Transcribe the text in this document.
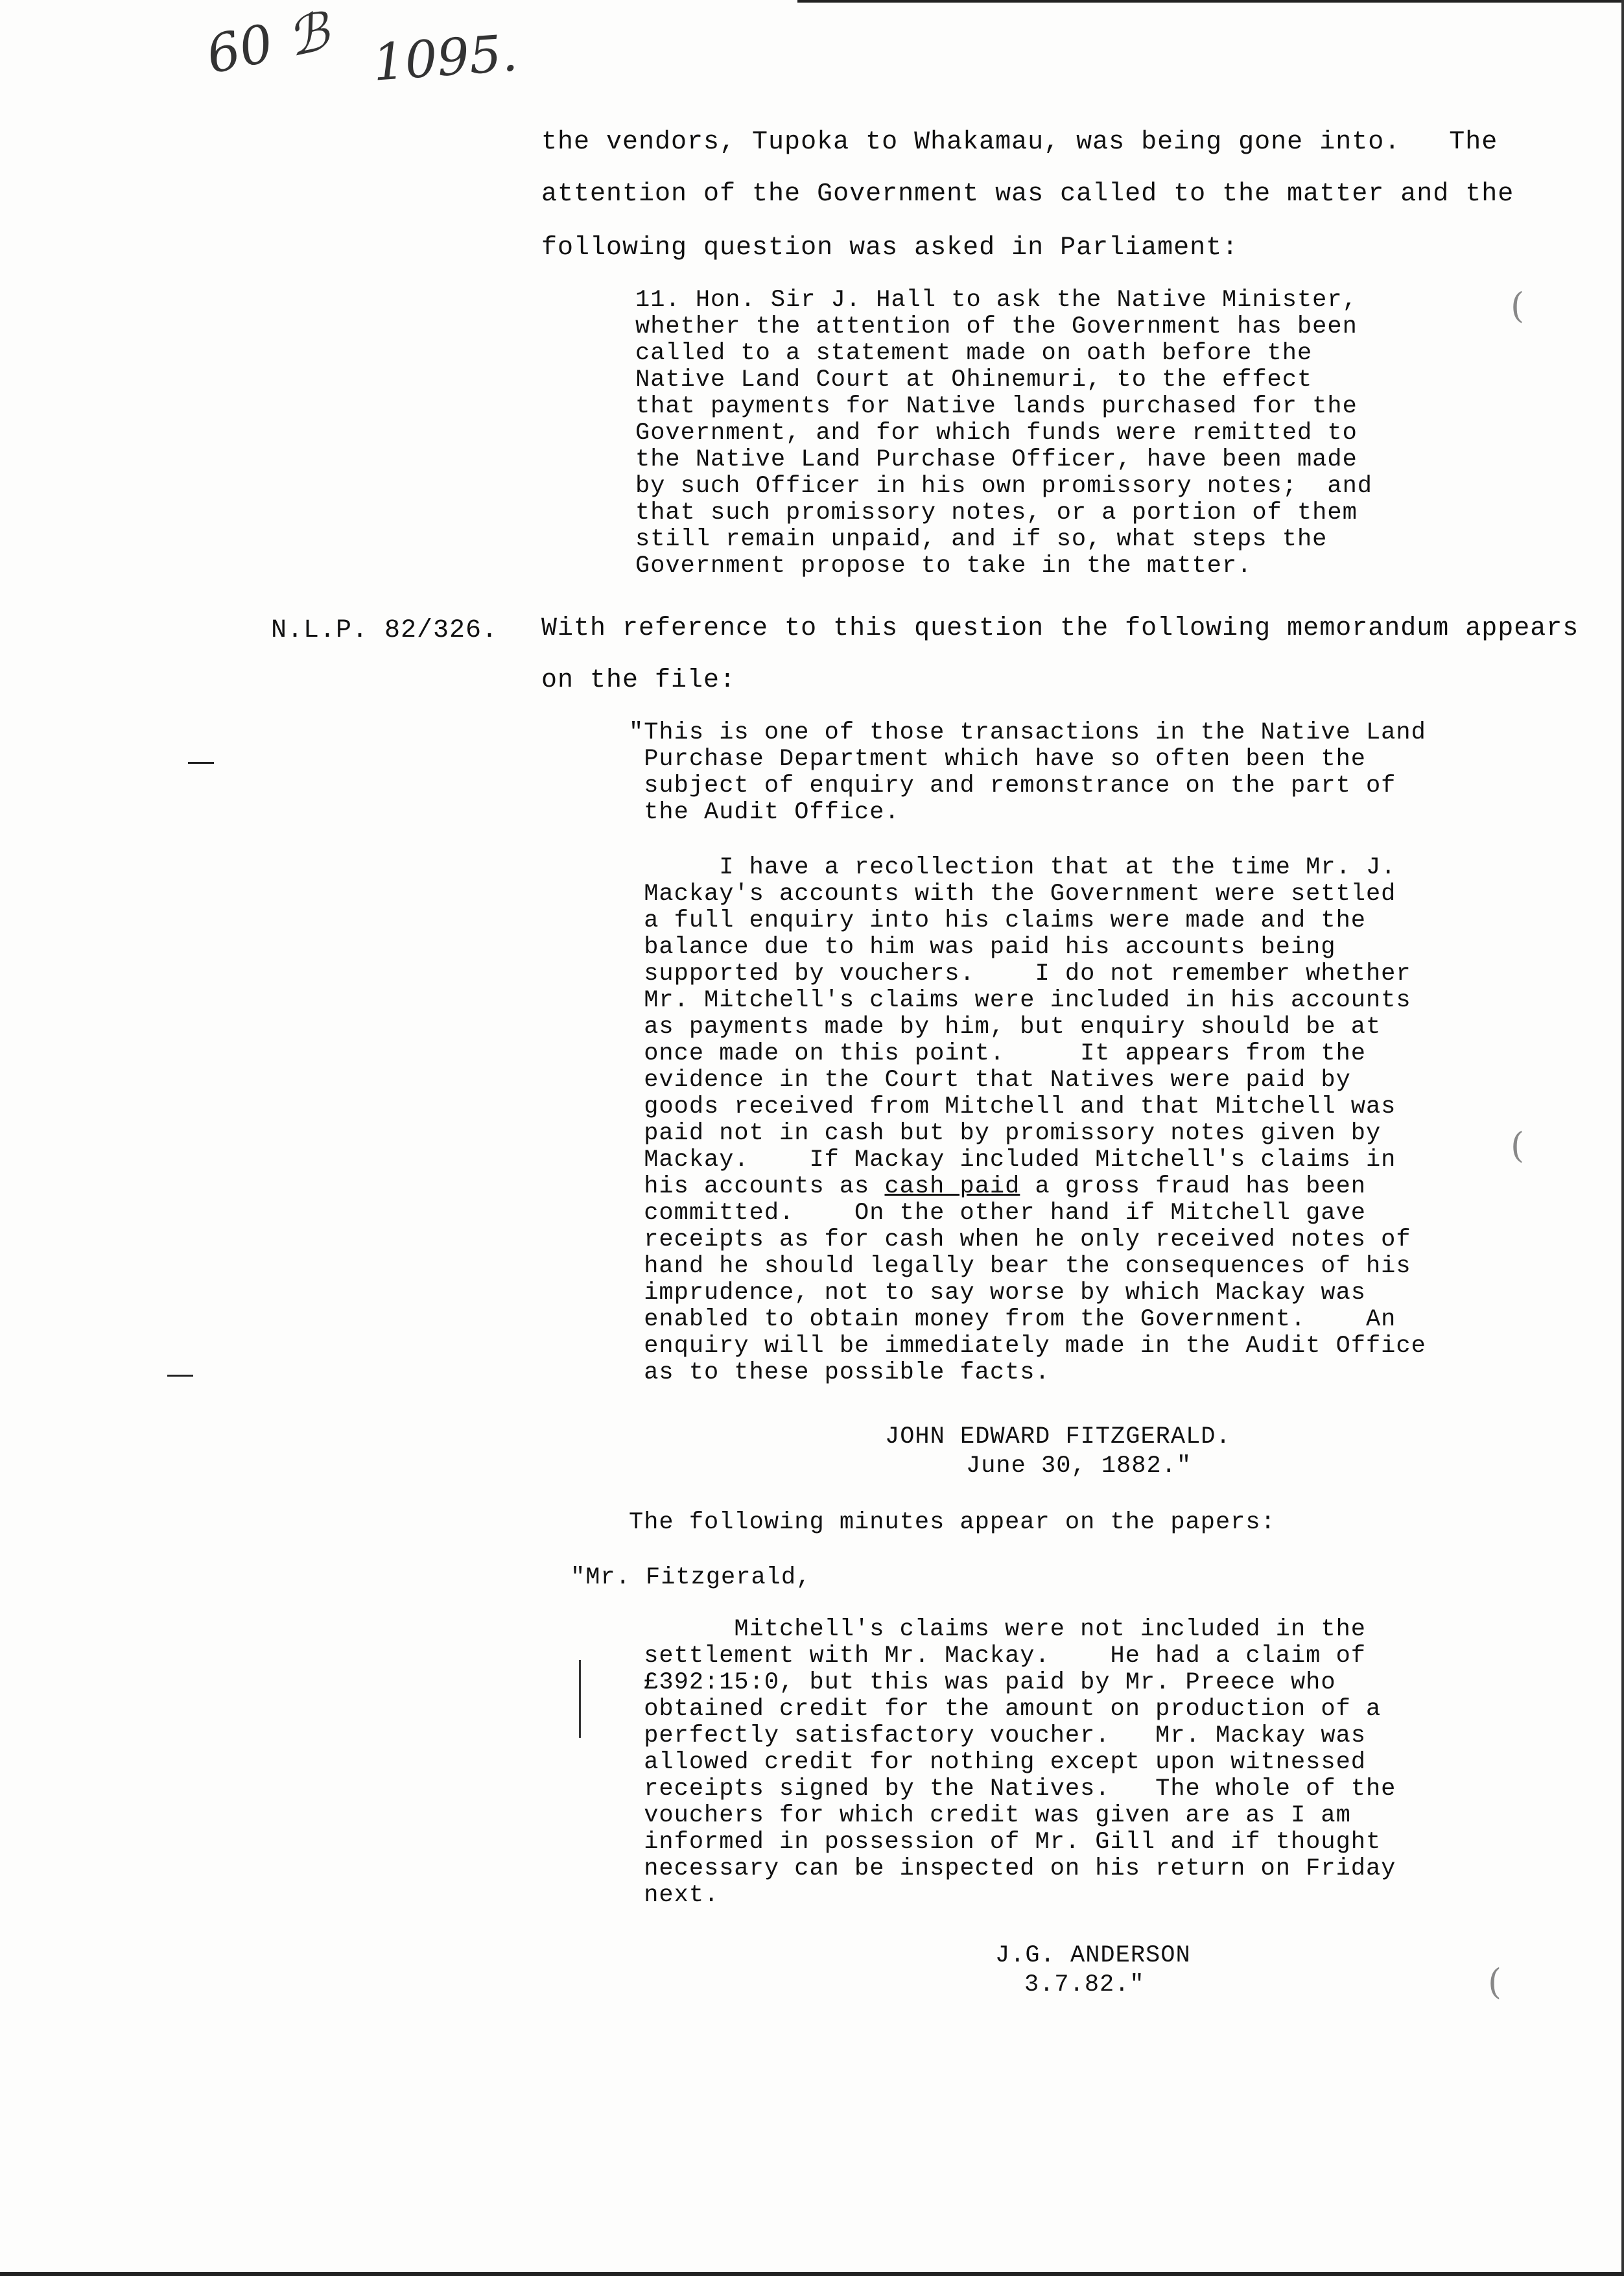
60 ℬ 1095.
the vendors, Tupoka to Whakamau, was being gone into.   The
attention of the Government was called to the matter and the
following question was asked in Parliament:
11. Hon. Sir J. Hall to ask the Native Minister,
whether the attention of the Government has been
called to a statement made on oath before the
Native Land Court at Ohinemuri, to the effect
that payments for Native lands purchased for the
Government, and for which funds were remitted to
the Native Land Purchase Officer, have been made
by such Officer in his own promissory notes;  and
that such promissory notes, or a portion of them
still remain unpaid, and if so, what steps the
Government propose to take in the matter.
N.L.P. 82/326. With reference to this question the following memorandum appears
on the file:
"This is one of those transactions in the Native Land
Purchase Department which have so often been the
subject of enquiry and remonstrance on the part of
the Audit Office.
I have a recollection that at the time Mr. J.
Mackay's accounts with the Government were settled
a full enquiry into his claims were made and the
balance due to him was paid his accounts being
supported by vouchers.    I do not remember whether
Mr. Mitchell's claims were included in his accounts
as payments made by him, but enquiry should be at
once made on this point.     It appears from the
evidence in the Court that Natives were paid by
goods received from Mitchell and that Mitchell was
paid not in cash but by promissory notes given by
Mackay.    If Mackay included Mitchell's claims in
his accounts as cash paid a gross fraud has been
committed.    On the other hand if Mitchell gave
receipts as for cash when he only received notes of
hand he should legally bear the consequences of his
imprudence, not to say worse by which Mackay was
enabled to obtain money from the Government.    An
enquiry will be immediately made in the Audit Office
as to these possible facts.
JOHN EDWARD FITZGERALD.
June 30, 1882."
The following minutes appear on the papers:
"Mr. Fitzgerald,
Mitchell's claims were not included in the
settlement with Mr. Mackay.    He had a claim of
£392:15:0, but this was paid by Mr. Preece who
obtained credit for the amount on production of a
perfectly satisfactory voucher.   Mr. Mackay was
allowed credit for nothing except upon witnessed
receipts signed by the Natives.   The whole of the
vouchers for which credit was given are as I am
informed in possession of Mr. Gill and if thought
necessary can be inspected on his return on Friday
next.
J.G. ANDERSON
3.7.82."
(
(
(
